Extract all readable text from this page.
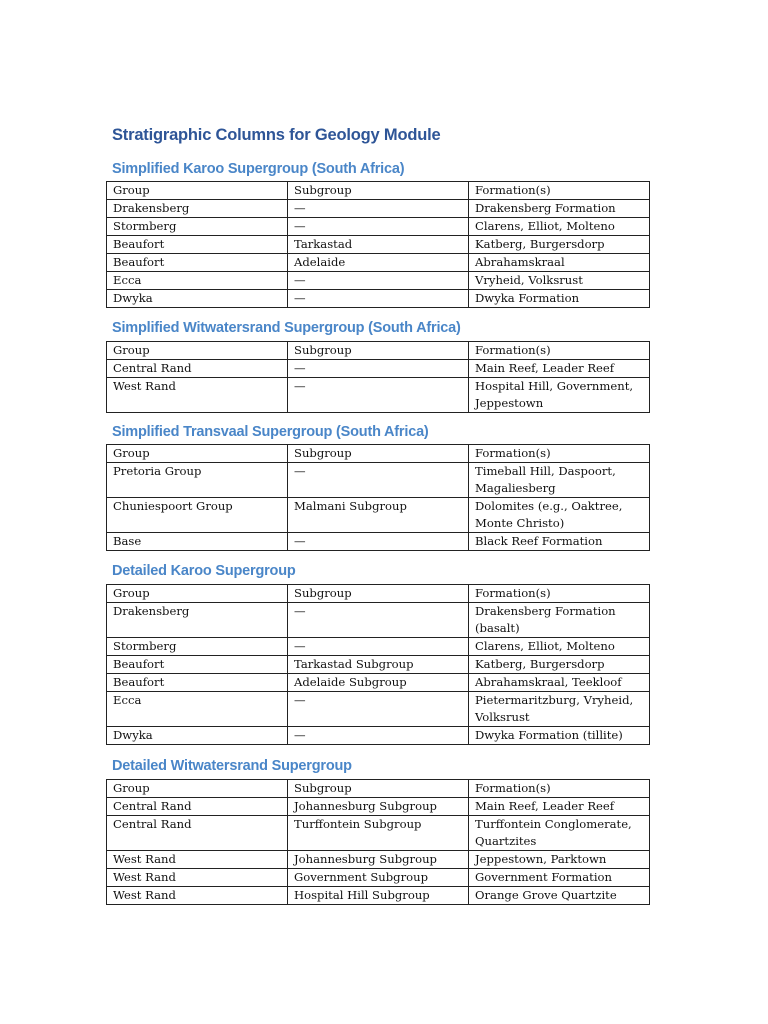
Stratigraphic Columns for Geology Module
Simplified Karoo Supergroup (South Africa)
Group	Subgroup	Formation(s)
Drakensberg	—	Drakensberg Formation
Stormberg	—	Clarens, Elliot, Molteno
Beaufort	Tarkastad	Katberg, Burgersdorp
Beaufort	Adelaide	Abrahamskraal
Ecca	—	Vryheid, Volksrust
Dwyka	—	Dwyka Formation
Simplified Witwatersrand Supergroup (South Africa)
Group	Subgroup	Formation(s)
Central Rand	—	Main Reef, Leader Reef
West Rand	—	Hospital Hill, Government, Jeppestown
Simplified Transvaal Supergroup (South Africa)
Group	Subgroup	Formation(s)
Pretoria Group	—	Timeball Hill, Daspoort, Magaliesberg
Chuniespoort Group	Malmani Subgroup	Dolomites (e.g., Oaktree, Monte Christo)
Base	—	Black Reef Formation
Detailed Karoo Supergroup
Group	Subgroup	Formation(s)
Drakensberg	—	Drakensberg Formation (basalt)
Stormberg	—	Clarens, Elliot, Molteno
Beaufort	Tarkastad Subgroup	Katberg, Burgersdorp
Beaufort	Adelaide Subgroup	Abrahamskraal, Teekloof
Ecca	—	Pietermaritzburg, Vryheid, Volksrust
Dwyka	—	Dwyka Formation (tillite)
Detailed Witwatersrand Supergroup
Group	Subgroup	Formation(s)
Central Rand	Johannesburg Subgroup	Main Reef, Leader Reef
Central Rand	Turffontein Subgroup	Turffontein Conglomerate, Quartzites
West Rand	Johannesburg Subgroup	Jeppestown, Parktown
West Rand	Government Subgroup	Government Formation
West Rand	Hospital Hill Subgroup	Orange Grove Quartzite
